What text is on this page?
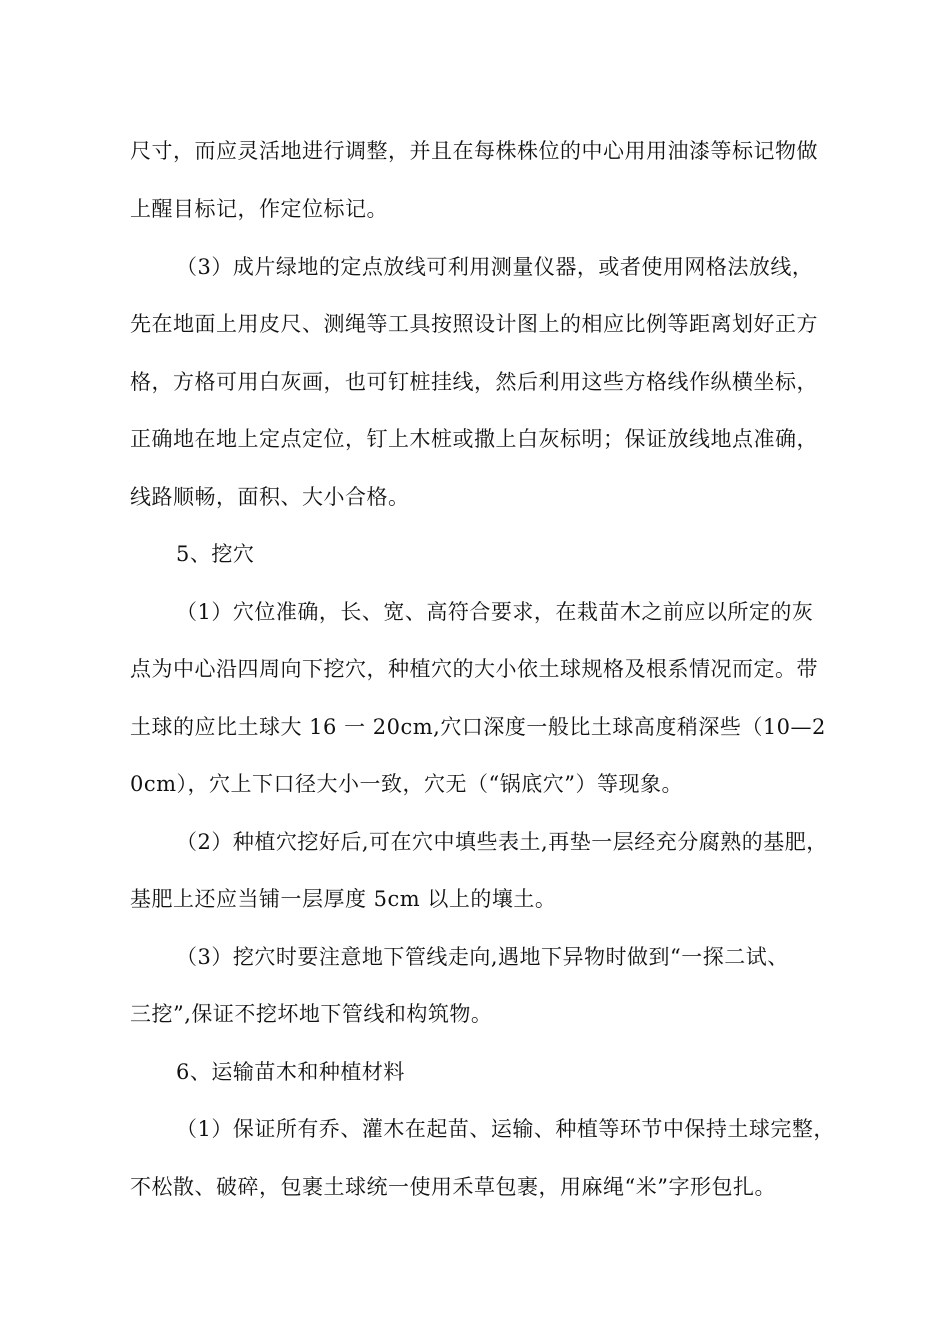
尺寸，而应灵活地进行调整，并且在每株株位的中心用用油漆等标记物做
上醒目标记，作定位标记。
（3）成片绿地的定点放线可利用测量仪器，或者使用网格法放线，
先在地面上用皮尺、测绳等工具按照设计图上的相应比例等距离划好正方
格，方格可用白灰画，也可钉桩挂线，然后利用这些方格线作纵横坐标，
正确地在地上定点定位，钉上木桩或撒上白灰标明；保证放线地点准确，
线路顺畅，面积、大小合格。
5、挖穴
（1）穴位准确，长、宽、高符合要求，在栽苗木之前应以所定的灰
点为中心沿四周向下挖穴，种植穴的大小依土球规格及根系情况而定。带
土球的应比土球大 16 一 20cm,穴口深度一般比土球高度稍深些（10—2
0cm），穴上下口径大小一致，穴无（“锅底穴”）等现象。
（2）种植穴挖好后,可在穴中填些表土,再垫一层经充分腐熟的基肥，
基肥上还应当铺一层厚度 5cm 以上的壤土。
（3）挖穴时要注意地下管线走向,遇地下异物时做到“一探二试、
三挖”,保证不挖坏地下管线和构筑物。
6、运输苗木和种植材料
（1）保证所有乔、灌木在起苗、运输、种植等环节中保持土球完整，
不松散、破碎，包裹土球统一使用禾草包裹，用麻绳“米”字形包扎。
